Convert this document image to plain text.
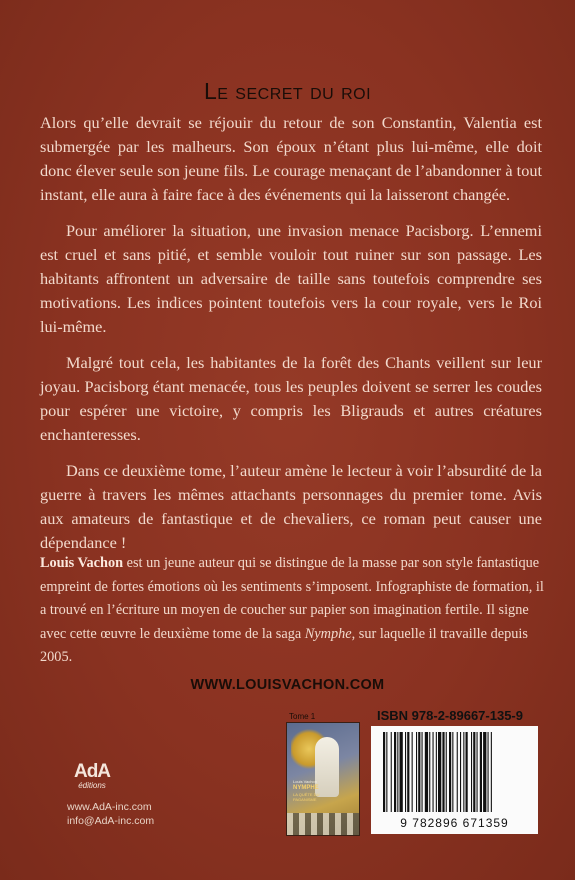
Le secret du roi

Alors qu’elle devrait se réjouir du retour de son Constantin, Valentia est submergée par les malheurs. Son époux n’étant plus lui-même, elle doit donc élever seule son jeune fils. Le courage menaçant de l’abandonner à tout instant, elle aura à faire face à des événements qui la laisseront changée.

Pour améliorer la situation, une invasion menace Pacisborg. L’ennemi est cruel et sans pitié, et semble vouloir tout ruiner sur son passage. Les habitants affrontent un adversaire de taille sans toutefois comprendre ses motivations. Les indices pointent toutefois vers la cour royale, vers le Roi lui-même.

Malgré tout cela, les habitantes de la forêt des Chants veillent sur leur joyau. Pacisborg étant menacée, tous les peuples doivent se serrer les coudes pour espérer une victoire, y compris les Bligrauds et autres créatures enchanteresses.

Dans ce deuxième tome, l’auteur amène le lecteur à voir l’absurdité de la guerre à travers les mêmes attachants personnages du premier tome. Avis aux amateurs de fantastique et de chevaliers, ce roman peut causer une dépendance !

Louis Vachon est un jeune auteur qui se distingue de la masse par son style fantastique empreint de fortes émotions où les sentiments s’imposent. Infographiste de formation, il a trouvé en l’écriture un moyen de coucher sur papier son imagination fertile. Il signe avec cette œuvre le deuxième tome de la saga Nymphe, sur laquelle il travaille depuis 2005.
WWW.LOUISVACHON.COM
AdA
éditions
www.AdA-inc.com
info@AdA-inc.com
Tome 1
Louis Vachon
NYMPHE
LA QUÊTE DU PAGANISME
ISBN 978-2-89667-135-9
9 782896 671359
